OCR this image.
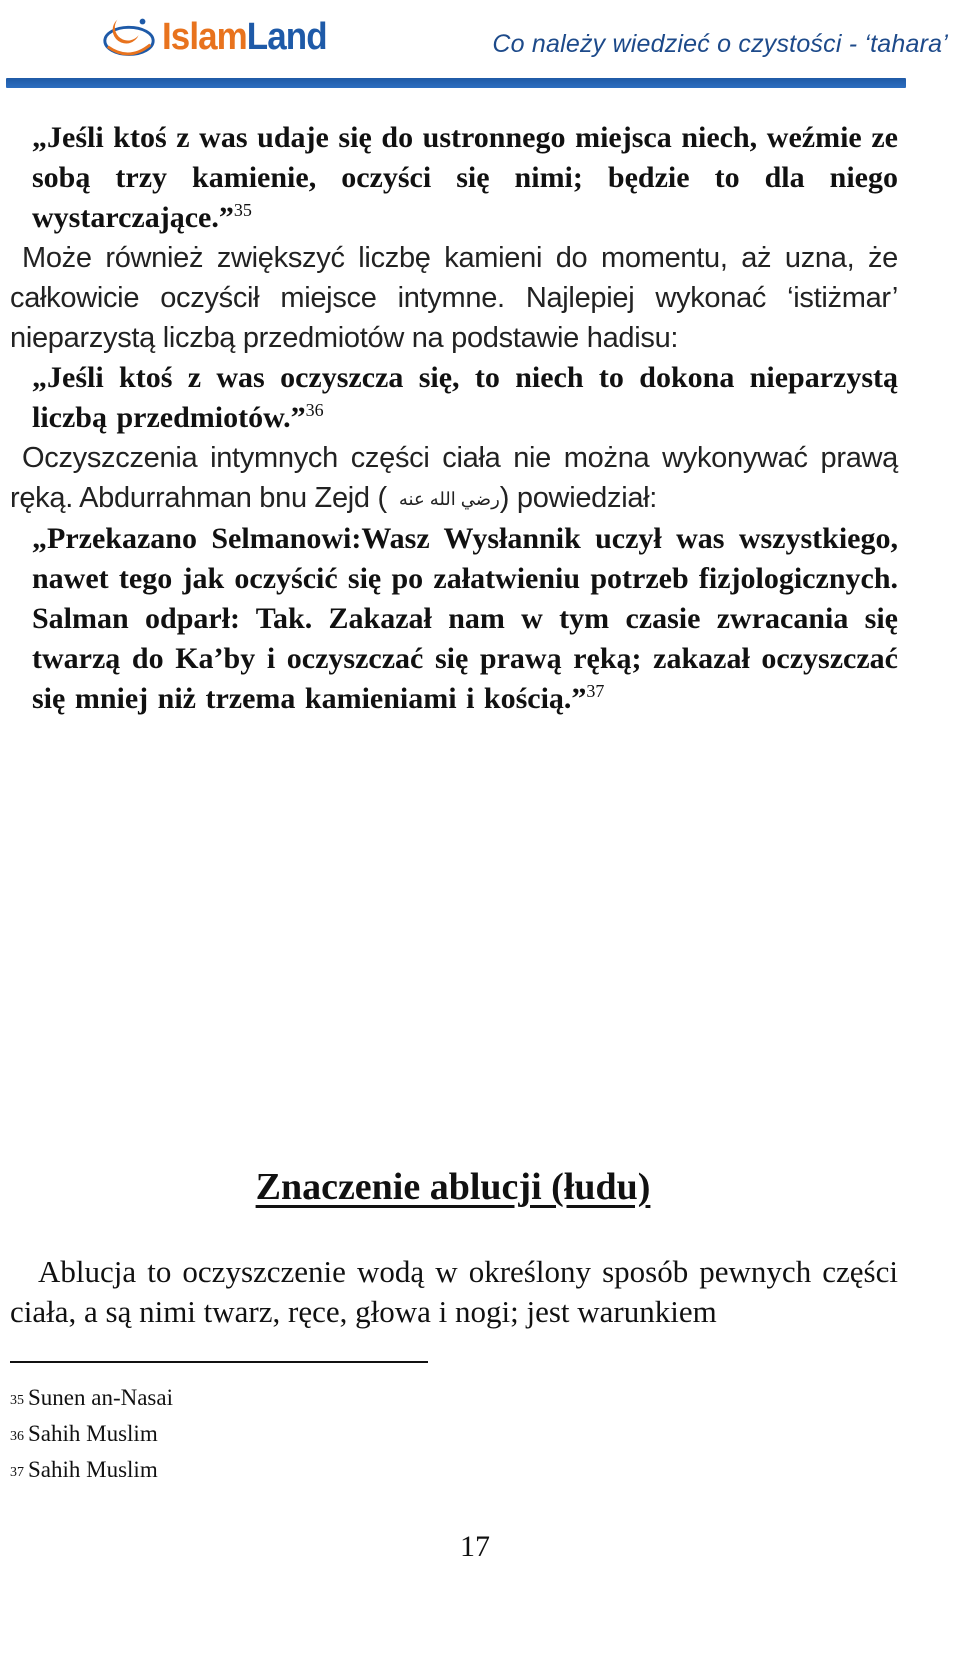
IslamLand	Co należy wiedzieć o czystości - ‘tahara’

„Jeśli ktoś z was udaje się do ustronnego miejsca niech, weźmie ze sobą trzy kamienie, oczyści się nimi; będzie to dla niego wystarczające.”$^{35}$

Może również zwiększyć liczbę kamieni do momentu, aż uzna, że całkowicie oczyścił miejsce intymne. Najlepiej wykonać ‘istiżmar’ nieparzystą liczbą przedmiotów na podstawie hadisu:

„Jeśli ktoś z was oczyszcza się, to niech to dokona nieparzystą liczbą przedmiotów.”$^{36}$

Oczyszczenia intymnych części ciała nie można wykonywać prawą ręką. Abdurrahman bnu Zejd ( رضي الله عنه) powiedział:

„Przekazano Selmanowi:Wasz Wysłannik uczył was wszystkiego, nawet tego jak oczyścić się po załatwieniu potrzeb fizjologicznych. Salman odparł: Tak. Zakazał nam w tym czasie zwracania się twarzą do Ka’by i oczyszczać się prawą ręką; zakazał oczyszczać się mniej niż trzema kamieniami i kością.”$^{37}$

Znaczenie ablucji (łudu)

Ablucja to oczyszczenie wodą w określony sposób pewnych części ciała, a są nimi twarz, ręce, głowa i nogi; jest warunkiem

$^{35}$ Sunen an-Nasai
$^{36}$ Sahih Muslim
$^{37}$ Sahih Muslim
17
